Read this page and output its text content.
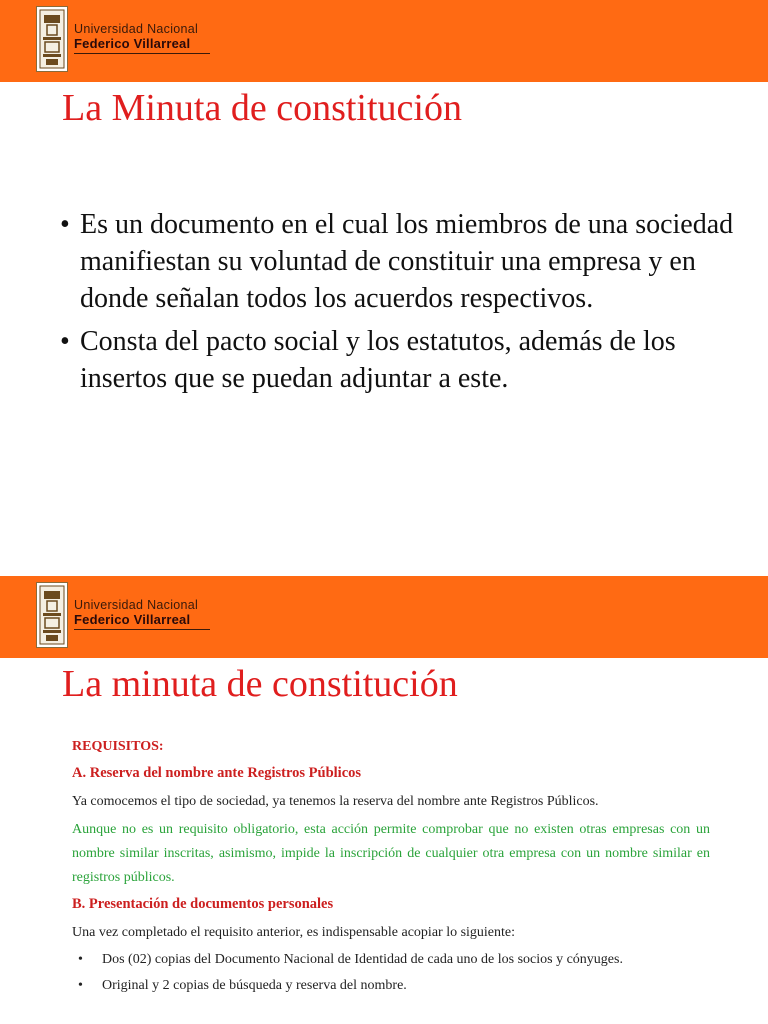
Universidad Nacional
Federico Villarreal
La Minuta de constitución
• Es un documento en el cual los miembros de una sociedad manifiestan su voluntad de constituir una empresa y en donde señalan todos los acuerdos respectivos.
• Consta del pacto social y los estatutos, además de los insertos que se puedan adjuntar a este.
Universidad Nacional
Federico Villarreal
La minuta de constitución

REQUISITOS:

A. Reserva del nombre ante Registros Públicos

Ya comocemos el tipo de sociedad, ya tenemos la reserva del nombre ante Registros Públicos.

Aunque no es un requisito obligatorio, esta acción permite comprobar que no existen otras empresas con un nombre similar inscritas, asimismo, impide la inscripción de cualquier otra empresa con un nombre similar en registros públicos.

B. Presentación de documentos personales

Una vez completado el requisito anterior, es indispensable acopiar lo siguiente:

• Dos (02) copias del Documento Nacional de Identidad de cada uno de los socios y cónyuges.
• Original y 2 copias de búsqueda y reserva del nombre.
